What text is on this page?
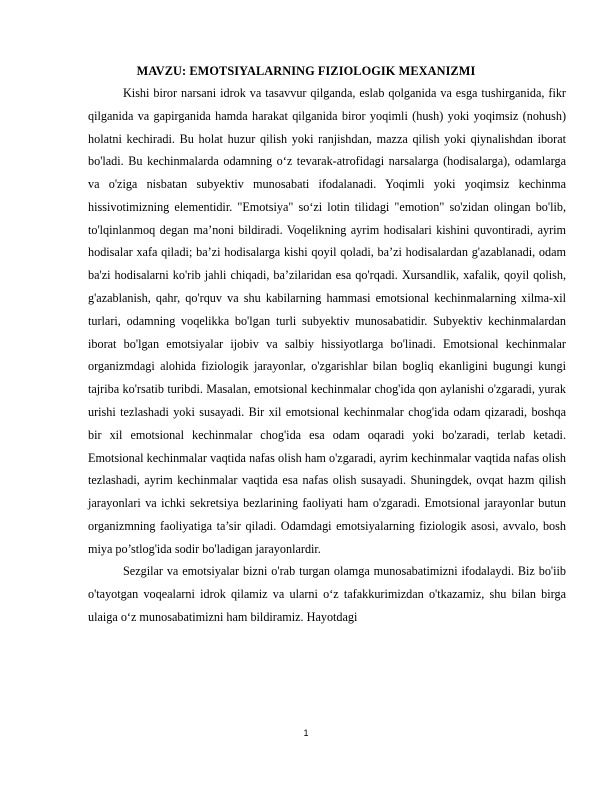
MAVZU: EMOTSIYALARNING FIZIOLOGIK MEXANIZMI

Kishi biror narsani idrok va tasavvur qilganda, eslab qolganida va esga tushirganida, fikr qilganida va gapirganida hamda harakat qilganida biror yoqimli (hush) yoki yoqimsiz (nohush) holatni kechiradi. Bu holat huzur qilish yoki ranjishdan, mazza qilish yoki qiynalishdan iborat bo'ladi. Bu kechinmalarda odamning o‘z tevarak-atrofidagi narsalarga (hodisalarga), odamlarga va o'ziga nisbatan subyektiv munosabati ifodalanadi. Yoqimli yoki yoqimsiz kechinma hissivotimizning elementidir. "Emotsiya" so‘zi lotin tilidagi "emotion" so'zidan olingan bo'lib, to'lqinlanmoq degan ma’noni bildiradi. Voqelikning ayrim hodisalari kishini quvontiradi, ayrim hodisalar xafa qiladi; ba’zi hodisalarga kishi qoyil qoladi, ba’zi hodisalardan g'azablanadi, odam ba'zi hodisalarni ko'rib jahli chiqadi, ba’zilaridan esa qo'rqadi. Xursandlik, xafalik, qoyil qolish, g'azablanish, qahr, qo'rquv va shu kabilarning hammasi emotsional kechinmalarning xilma-xil turlari, odamning voqelikka bo'lgan turli subyektiv munosabatidir. Subyektiv kechinmalardan iborat bo'lgan emotsiyalar ijobiv va salbiy hissiyotlarga bo'linadi. Emotsional kechinmalar organizmdagi alohida fiziologik jarayonlar, o'zgarishlar bilan bogliq ekanligini bugungi kungi tajriba ko'rsatib turibdi. Masalan, emotsional kechinmalar chog'ida qon aylanishi o'zgaradi, yurak urishi tezlashadi yoki susayadi. Bir xil emotsional kechinmalar chog'ida odam qizaradi, boshqa bir xil emotsional kechinmalar chog'ida esa odam oqaradi yoki bo'zaradi, terlab ketadi. Emotsional kechinmalar vaqtida nafas olish ham o'zgaradi, ayrim kechinmalar vaqtida nafas olish tezlashadi, ayrim kechinmalar vaqtida esa nafas olish susayadi. Shuningdek, ovqat hazm qilish jarayonlari va ichki sekretsiya bezlarining faoliyati ham o'zgaradi. Emotsional jarayonlar butun organizmning faoliyatiga ta’sir qiladi. Odamdagi emotsiyalarning fiziologik asosi, avvalo, bosh miya po’stlog'ida sodir bo'ladigan jarayonlardir.

Sezgilar va emotsiyalar bizni o'rab turgan olamga munosabatimizni ifodalaydi. Biz bo'iib o'tayotgan voqealarni idrok qilamiz va ularni o‘z tafakkurimizdan o'tkazamiz, shu bilan birga ulaiga o‘z munosabatimizni ham bildiramiz. Hayotdagi

1
